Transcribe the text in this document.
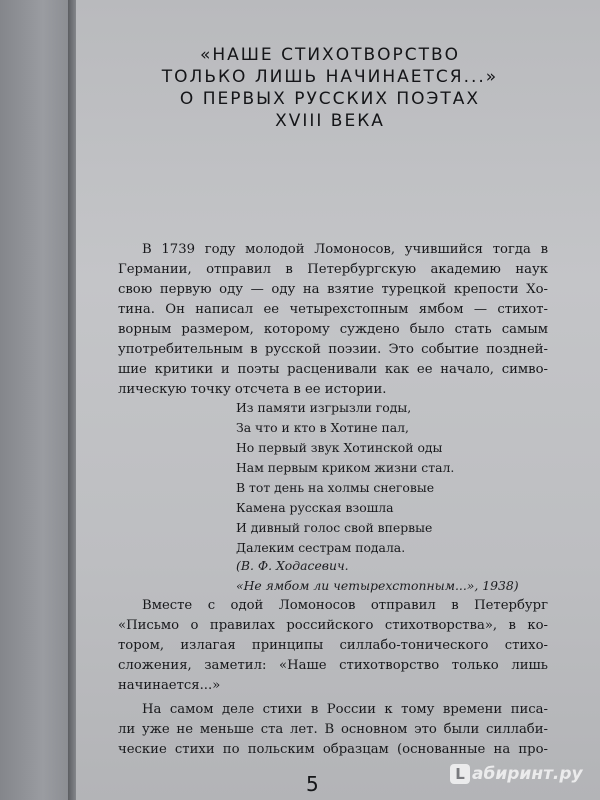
«НАШЕ СТИХОТВОРСТВО
ТОЛЬКО ЛИШЬ НАЧИНАЕТСЯ...»
О ПЕРВЫХ РУССКИХ ПОЭТАХ
XVIII ВЕКА
В 1739 году молодой Ломоносов, учившийся тогда в
Германии, отправил в Петербургскую академию наук
свою первую оду — оду на взятие турецкой крепости Хо-
тина. Он написал ее четырехстопным ямбом — стихот-
ворным размером, которому суждено было стать самым
употребительным в русской поэзии. Это событие поздней-
шие критики и поэты расценивали как ее начало, симво-
лическую точку отсчета в ее истории.
Из памяти изгрызли годы,
За что и кто в Хотине пал,
Но первый звук Хотинской оды
Нам первым криком жизни стал.
В тот день на холмы снеговые
Камена русская взошла
И дивный голос свой впервые
Далеким сестрам подала.
(В. Ф. Ходасевич.
«Не ямбом ли четырехстопным...», 1938)
Вместе с одой Ломоносов отправил в Петербург
«Письмо о правилах российского стихотворства», в ко-
тором, излагая принципы силлабо-тонического стихо-
сложения, заметил: «Наше стихотворство только лишь
начинается...»
На самом деле стихи в России к тому времени писа-
ли уже не меньше ста лет. В основном это были силлаби-
ческие стихи по польским образцам (основанные на про-
5	L абиринт.ру
